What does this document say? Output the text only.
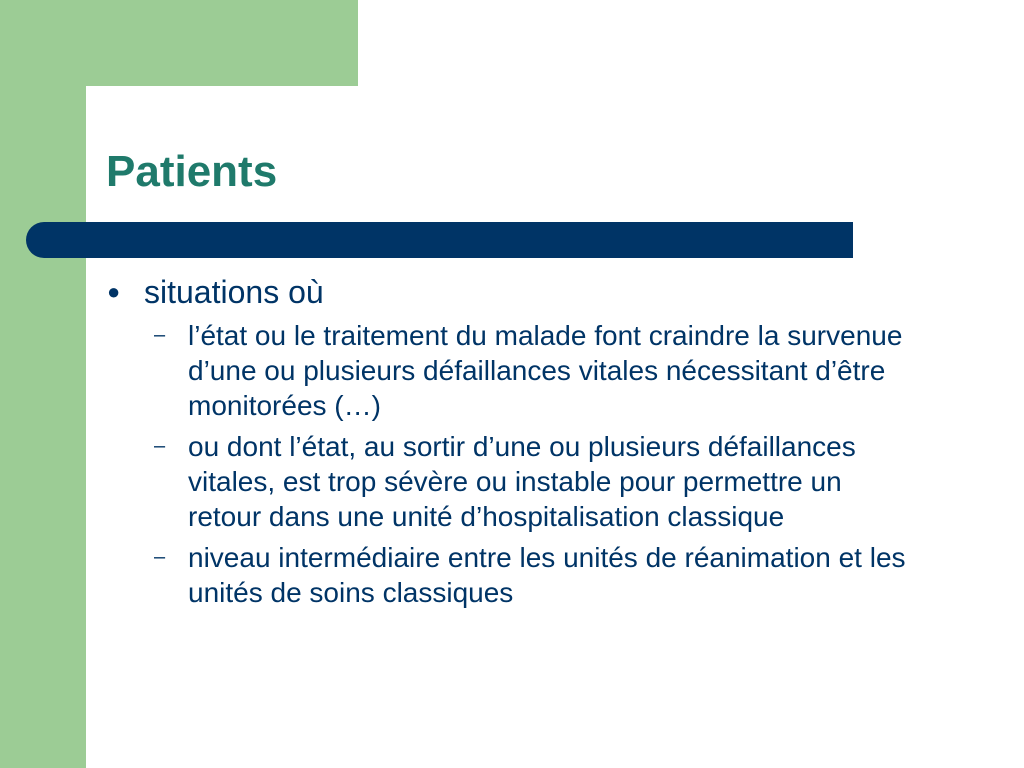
Patients
● situations où
– l’état ou le traitement du malade font craindre la survenue d’une ou plusieurs défaillances vitales nécessitant d’être monitorées (…)
– ou dont l’état, au sortir d’une ou plusieurs défaillances vitales, est trop sévère ou instable pour permettre un retour dans une unité d’hospitalisation classique
– niveau intermédiaire entre les unités de réanimation et les unités de soins classiques
